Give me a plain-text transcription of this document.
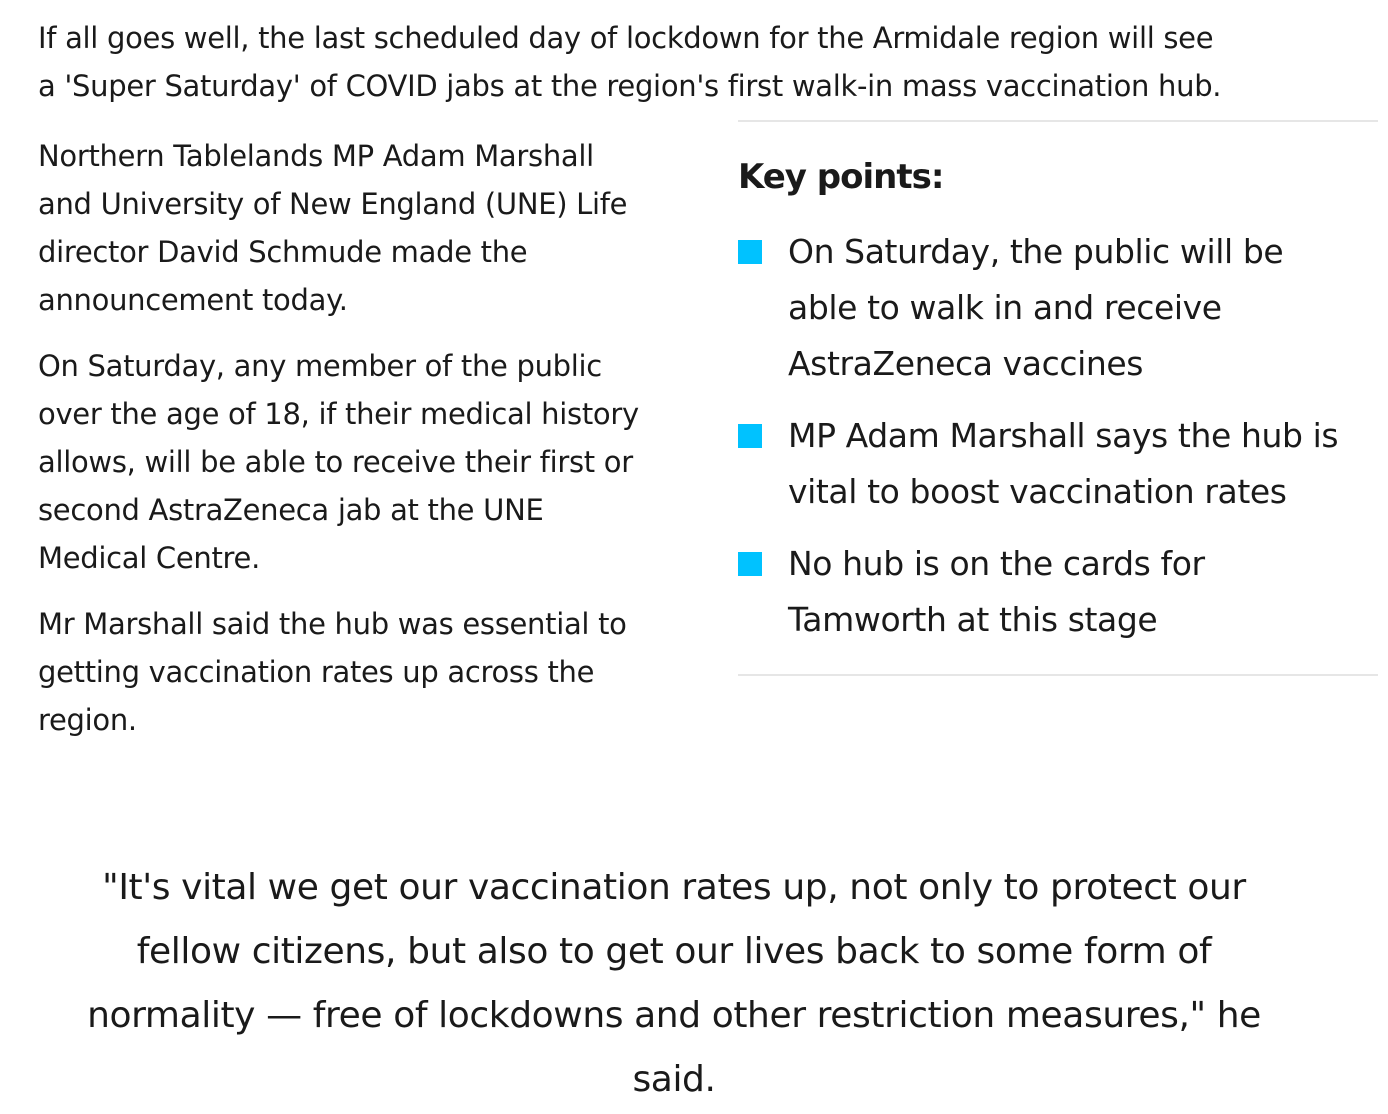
If all goes well, the last scheduled day of lockdown for the Armidale region will see
a 'Super Saturday' of COVID jabs at the region's first walk-in mass vaccination hub.

Northern Tablelands MP Adam Marshall
and University of New England (UNE) Life
director David Schmude made the
announcement today.

On Saturday, any member of the public
over the age of 18, if their medical history
allows, will be able to receive their first or
second AstraZeneca jab at the UNE
Medical Centre.

Mr Marshall said the hub was essential to
getting vaccination rates up across the
region.

Key points:
On Saturday, the public will be
able to walk in and receive
AstraZeneca vaccines
MP Adam Marshall says the hub is
vital to boost vaccination rates
No hub is on the cards for
Tamworth at this stage
"It's vital we get our vaccination rates up, not only to protect our
fellow citizens, but also to get our lives back to some form of
normality — free of lockdowns and other restriction measures," he
said.
